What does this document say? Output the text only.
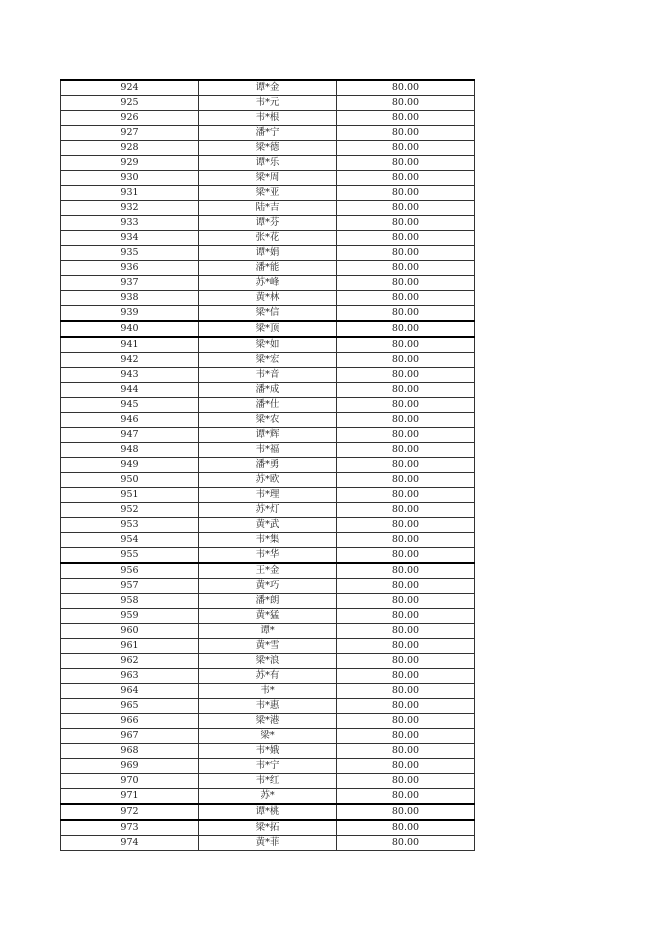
924	谭*金	80.00
925	韦*元	80.00
926	韦*根	80.00
927	潘*宁	80.00
928	梁*德	80.00
929	谭*乐	80.00
930	梁*周	80.00
931	梁*亚	80.00
932	陆*吉	80.00
933	谭*芬	80.00
934	张*花	80.00
935	谭*娟	80.00
936	潘*能	80.00
937	苏*峰	80.00
938	黄*林	80.00
939	梁*信	80.00
940	梁*顶	80.00
941	梁*如	80.00
942	梁*宏	80.00
943	韦*音	80.00
944	潘*成	80.00
945	潘*仕	80.00
946	梁*农	80.00
947	谭*辉	80.00
948	韦*福	80.00
949	潘*勇	80.00
950	苏*欧	80.00
951	韦*理	80.00
952	苏*灯	80.00
953	黄*武	80.00
954	韦*集	80.00
955	韦*华	80.00
956	王*金	80.00
957	黄*巧	80.00
958	潘*朗	80.00
959	黄*猛	80.00
960	谭*	80.00
961	黄*雪	80.00
962	梁*浪	80.00
963	苏*有	80.00
964	韦*	80.00
965	韦*惠	80.00
966	梁*港	80.00
967	梁*	80.00
968	韦*娥	80.00
969	韦*宁	80.00
970	韦*红	80.00
971	苏*	80.00
972	谭*桃	80.00
973	梁*拓	80.00
974	黄*菲	80.00
